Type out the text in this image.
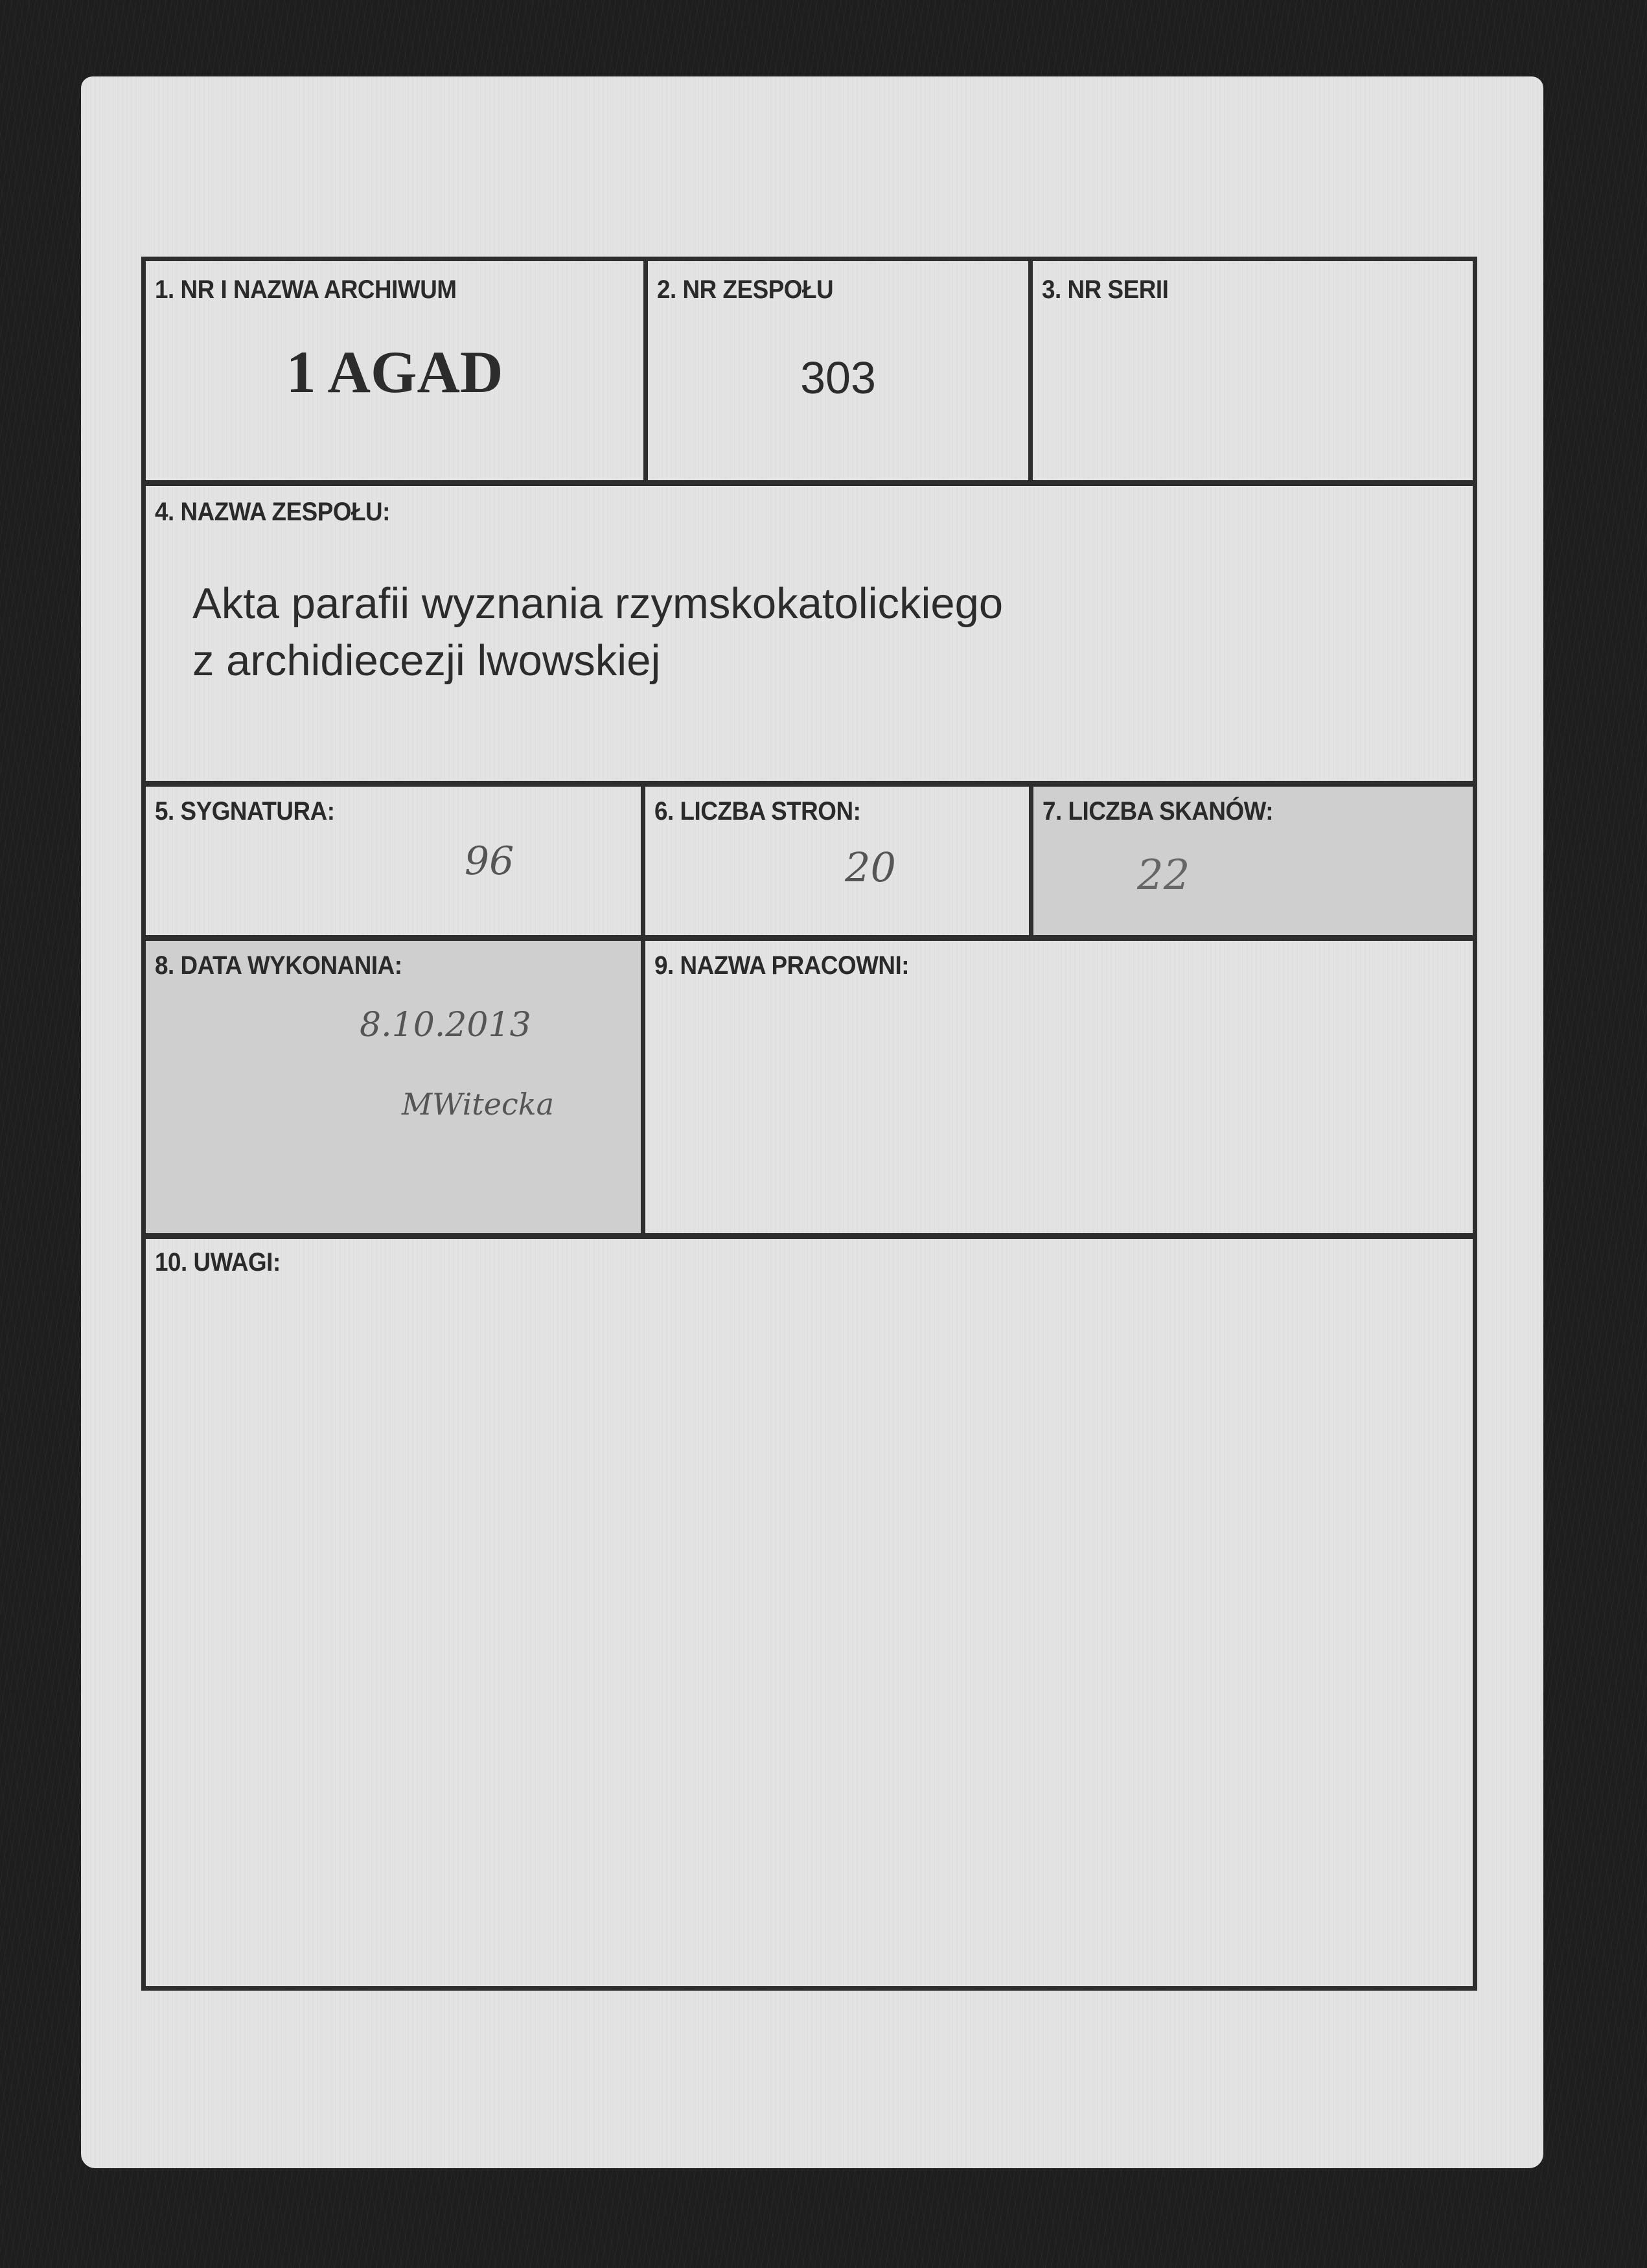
1. NR I NAZWA ARCHIWUM
1 AGAD
2. NR ZESPOŁU
303
3. NR SERII
4. NAZWA ZESPOŁU:
Akta parafii wyznania rzymskokatolickiego
z archidiecezji lwowskiej
5. SYGNATURA:
96
6. LICZBA STRON:
20
7. LICZBA SKANÓW:
22
8. DATA WYKONANIA:
8.10.2013
MWitecka
9. NAZWA PRACOWNI:
10. UWAGI:
